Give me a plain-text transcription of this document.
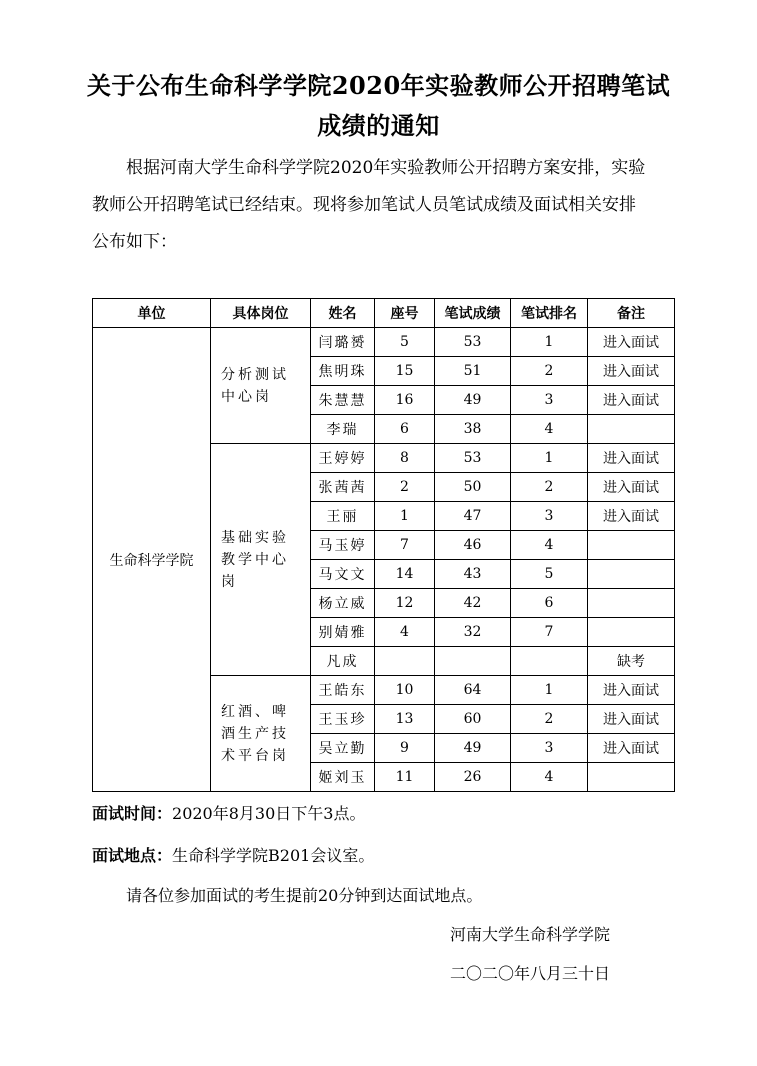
关于公布生命科学学院2020年实验教师公开招聘笔试
成绩的通知
根据河南大学生命科学学院2020年实验教师公开招聘方案安排，实验
教师公开招聘笔试已经结束。现将参加笔试人员笔试成绩及面试相关安排
公布如下：
单位	具体岗位	姓名	座号	笔试成绩	笔试排名	备注
生命科学学院	分析测试中心岗	闫璐赟	5	53	1	进入面试
		焦明珠	15	51	2	进入面试
		朱慧慧	16	49	3	进入面试
		李瑞	6	38	4	
	基础实验教学中心岗	王婷婷	8	53	1	进入面试
		张茜茜	2	50	2	进入面试
		王丽	1	47	3	进入面试
		马玉婷	7	46	4	
		马文文	14	43	5	
		杨立威	12	42	6	
		别婧雅	4	32	7	
		凡成				缺考
	红酒、啤酒生产技术平台岗	王皓东	10	64	1	进入面试
		王玉珍	13	60	2	进入面试
		吴立勤	9	49	3	进入面试
		姬刘玉	11	26	4	
面试时间：2020年8月30日下午3点。
面试地点：生命科学学院B201会议室。
请各位参加面试的考生提前20分钟到达面试地点。
河南大学生命科学学院
二〇二〇年八月三十日
